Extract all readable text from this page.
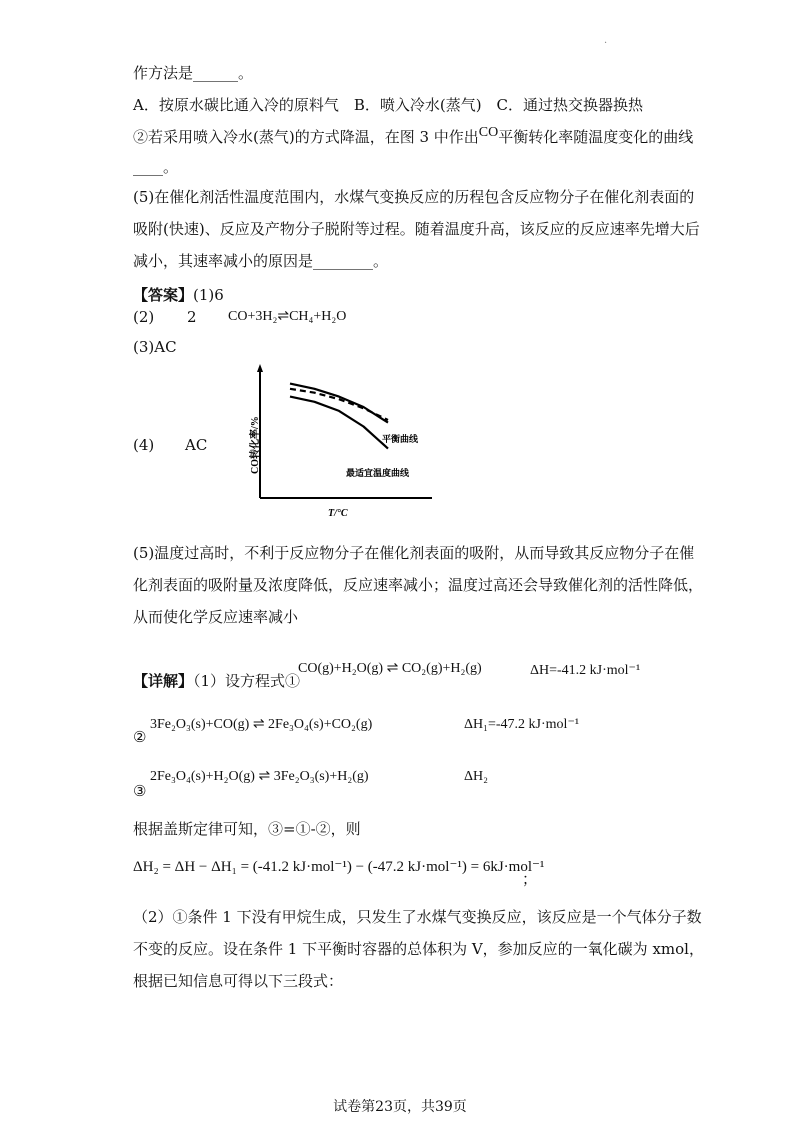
·
作方法是______。
A．按原水碳比通入冷的原料气　B．喷入冷水(蒸气)　C．通过热交换器换热
②若采用喷入冷水(蒸气)的方式降温，在图 3 中作出CO平衡转化率随温度变化的曲线
____。
(5)在催化剂活性温度范围内，水煤气变换反应的历程包含反应物分子在催化剂表面的
吸附(快速)、反应及产物分子脱附等过程。随着温度升高，该反应的反应速率先增大后
减小，其速率减小的原因是________。
【答案】(1)6
(2) 2 CO+3H₂⇌CH₄+H₂O
(3)AC
(4) AC	CO转化率/%
T/°C
平衡曲线
最适宜温度曲线
(5)温度过高时，不利于反应物分子在催化剂表面的吸附，从而导致其反应物分子在催
化剂表面的吸附量及浓度降低，反应速率减小；温度过高还会导致催化剂的活性降低，
从而使化学反应速率减小
【详解】（1）设方程式①
CO(g)+H₂O(g) ⇌ CO₂(g)+H₂(g)	ΔH=-41.2 kJ·mol⁻¹
②
3Fe₂O₃(s)+CO(g) ⇌ 2Fe₃O₄(s)+CO₂(g)	ΔH₁=-47.2 kJ·mol⁻¹
③
2Fe₃O₄(s)+H₂O(g) ⇌ 3Fe₂O₃(s)+H₂(g)	ΔH₂
根据盖斯定律可知，③=①-②，则
ΔH₂ = ΔH − ΔH₁ = (-41.2 kJ·mol⁻¹) − (-47.2 kJ·mol⁻¹) = 6kJ·mol⁻¹
；
（2）①条件 1 下没有甲烷生成，只发生了水煤气变换反应，该反应是一个气体分子数
不变的反应。设在条件 1 下平衡时容器的总体积为 V，参加反应的一氧化碳为 xmol，
根据已知信息可得以下三段式：
试卷第23页，共39页
